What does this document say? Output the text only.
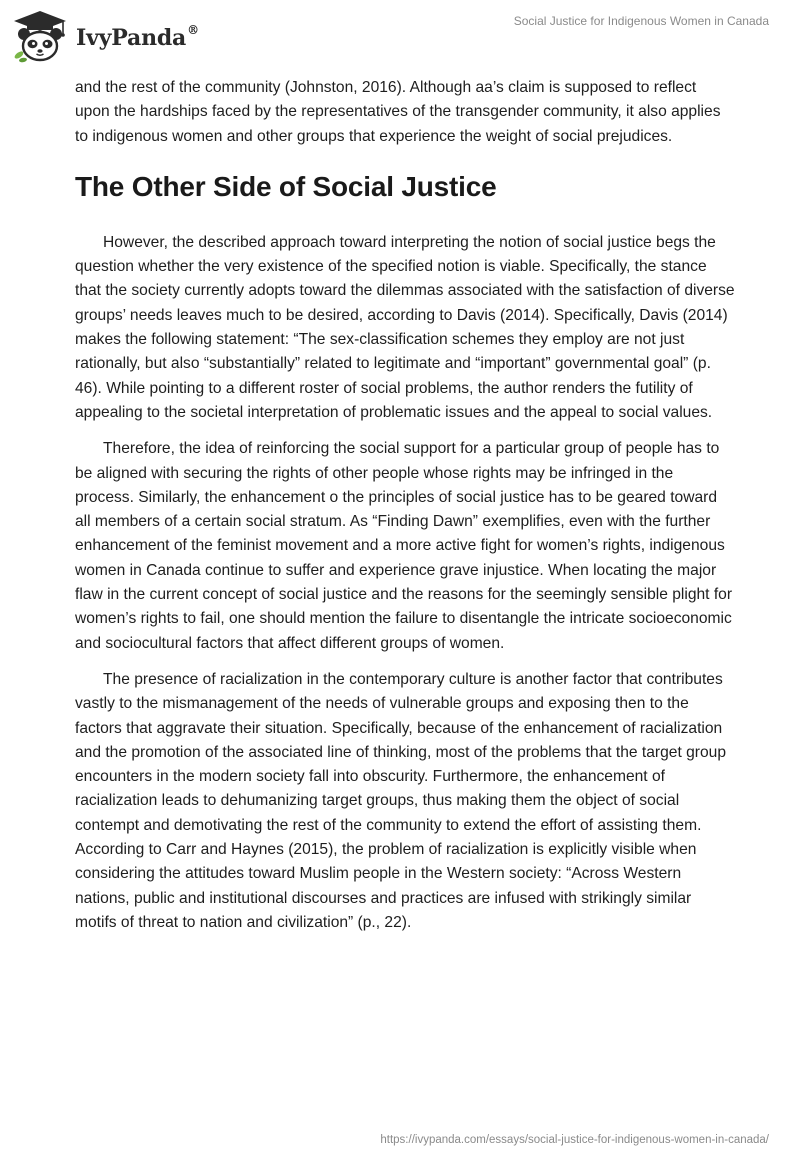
IvyPanda®
Social Justice for Indigenous Women in Canada

and the rest of the community (Johnston, 2016). Although aa’s claim is supposed to reflect upon the hardships faced by the representatives of the transgender community, it also applies to indigenous women and other groups that experience the weight of social prejudices.

The Other Side of Social Justice

However, the described approach toward interpreting the notion of social justice begs the question whether the very existence of the specified notion is viable. Specifically, the stance that the society currently adopts toward the dilemmas associated with the satisfaction of diverse groups’ needs leaves much to be desired, according to Davis (2014). Specifically, Davis (2014) makes the following statement: “The sex-classification schemes they employ are not just rationally, but also “substantially” related to legitimate and “important” governmental goal” (p. 46). While pointing to a different roster of social problems, the author renders the futility of appealing to the societal interpretation of problematic issues and the appeal to social values.

Therefore, the idea of reinforcing the social support for a particular group of people has to be aligned with securing the rights of other people whose rights may be infringed in the process. Similarly, the enhancement o the principles of social justice has to be geared toward all members of a certain social stratum. As “Finding Dawn” exemplifies, even with the further enhancement of the feminist movement and a more active fight for women’s rights, indigenous women in Canada continue to suffer and experience grave injustice. When locating the major flaw in the current concept of social justice and the reasons for the seemingly sensible plight for women’s rights to fail, one should mention the failure to disentangle the intricate socioeconomic and sociocultural factors that affect different groups of women.

The presence of racialization in the contemporary culture is another factor that contributes vastly to the mismanagement of the needs of vulnerable groups and exposing then to the factors that aggravate their situation. Specifically, because of the enhancement of racialization and the promotion of the associated line of thinking, most of the problems that the target group encounters in the modern society fall into obscurity. Furthermore, the enhancement of racialization leads to dehumanizing target groups, thus making them the object of social contempt and demotivating the rest of the community to extend the effort of assisting them. According to Carr and Haynes (2015), the problem of racialization is explicitly visible when considering the attitudes toward Muslim people in the Western society: “Across Western nations, public and institutional discourses and practices are infused with strikingly similar motifs of threat to nation and civilization” (p., 22).

https://ivypanda.com/essays/social-justice-for-indigenous-women-in-canada/
